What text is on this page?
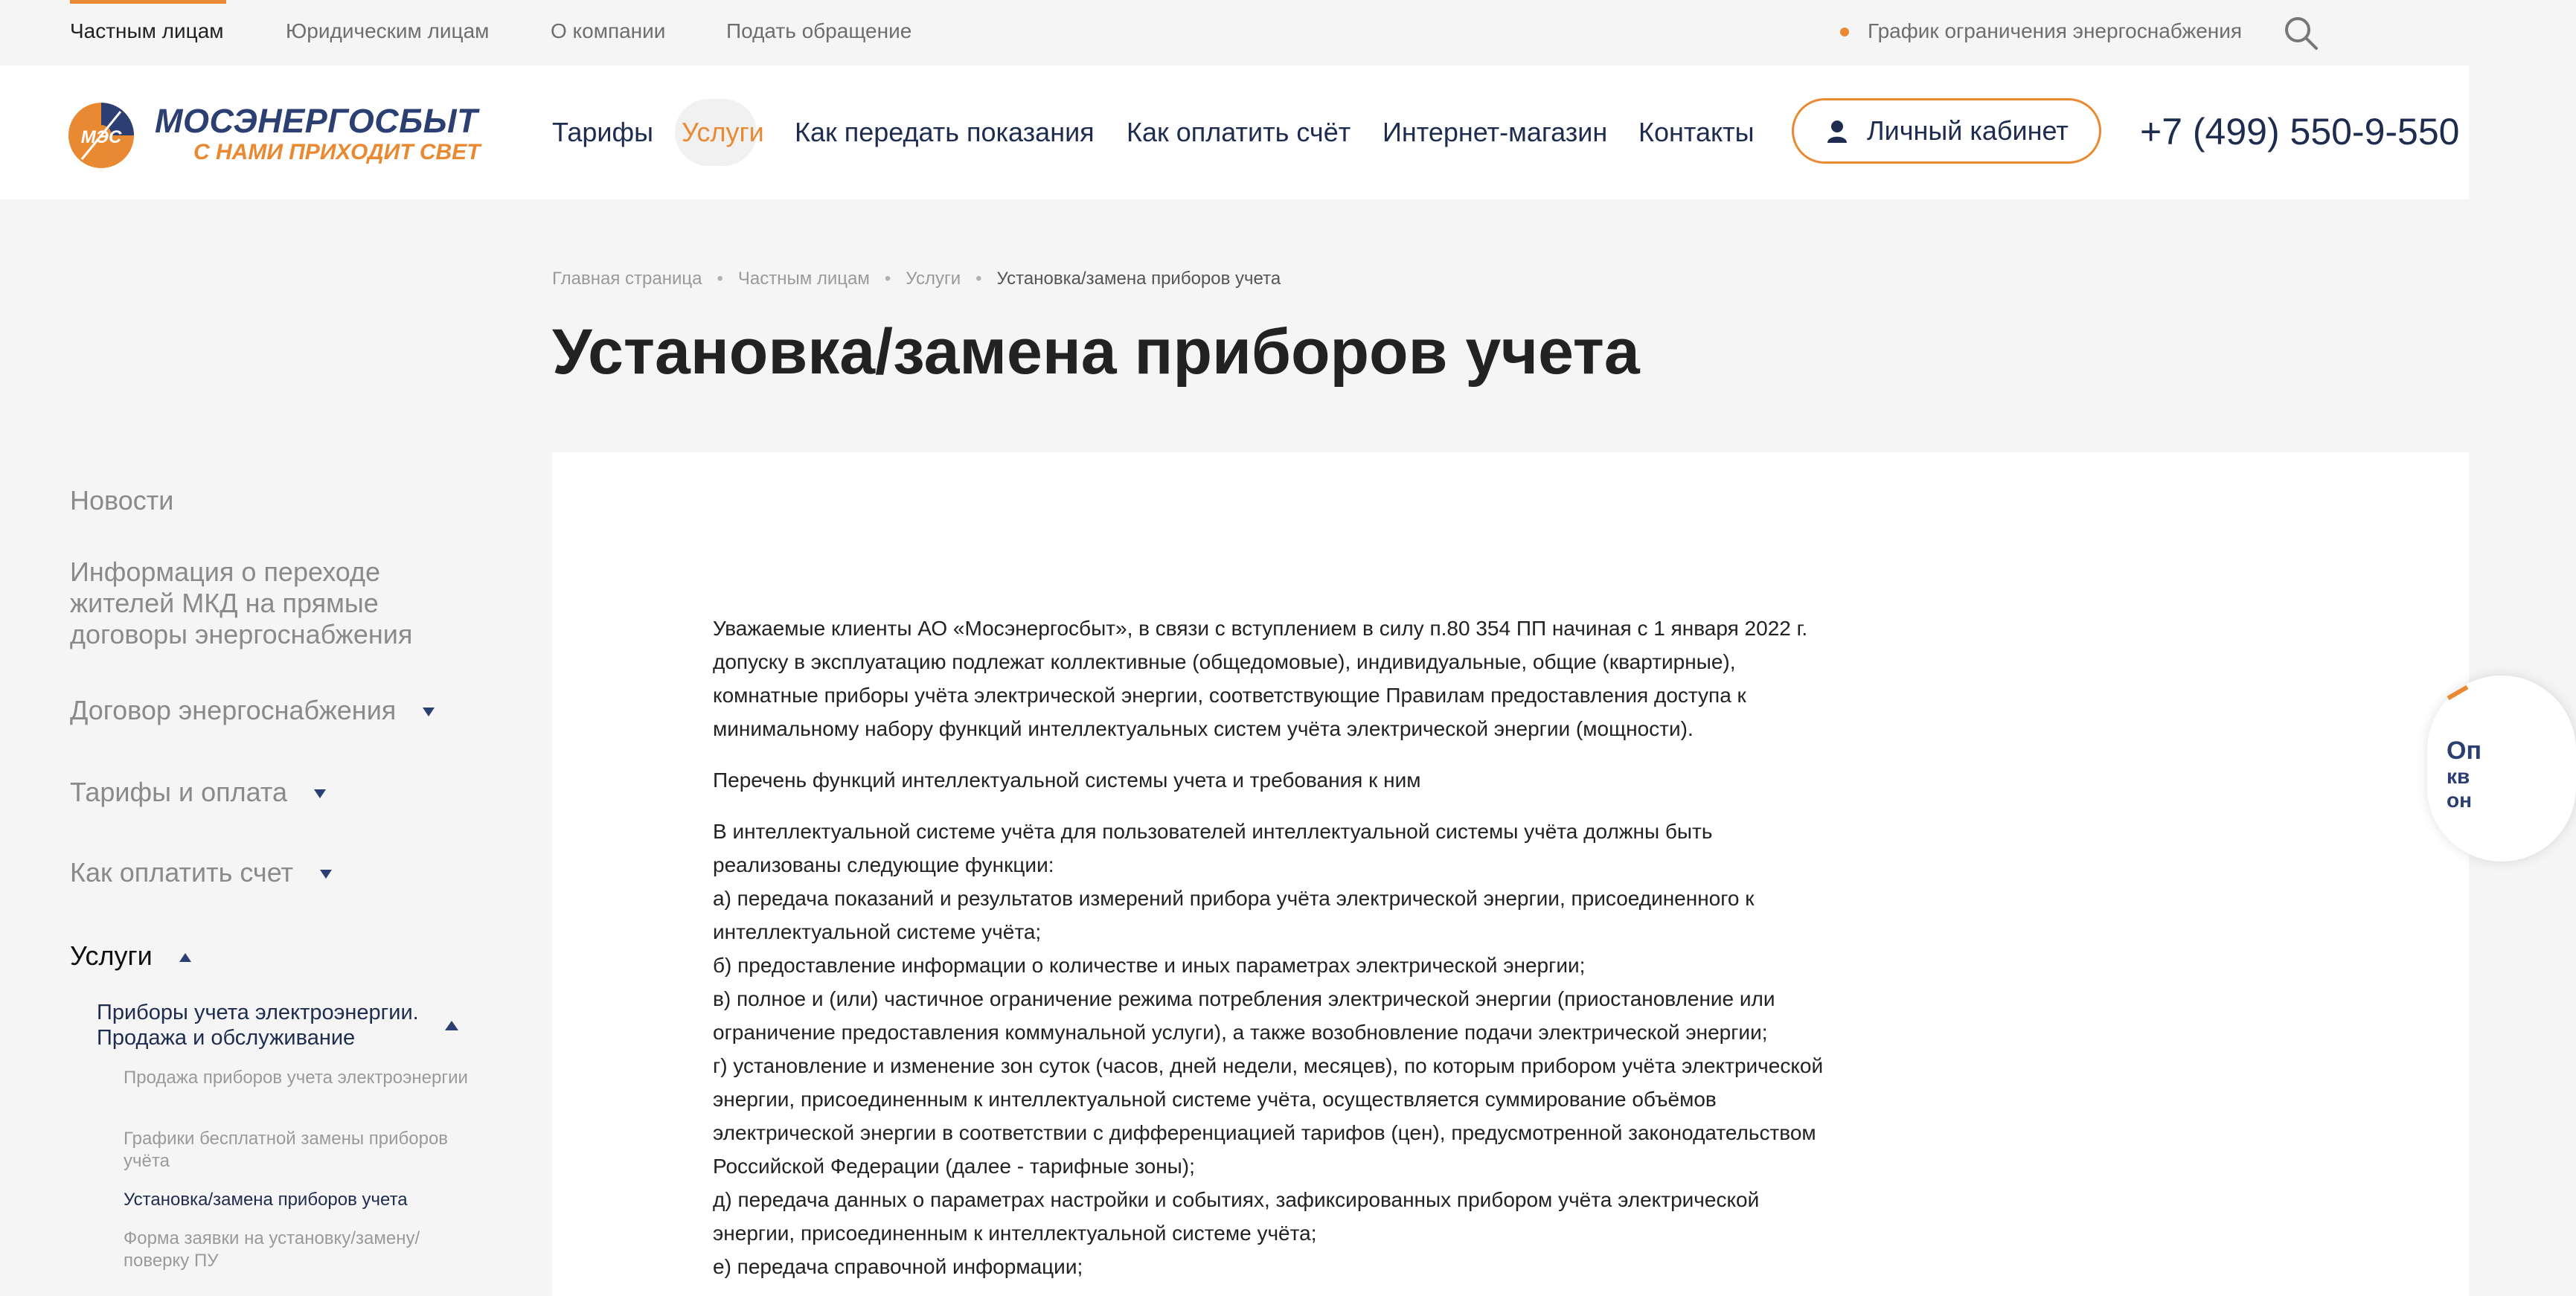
Частным лицам	Юридическим лицам	О компании	Подать обращение	График ограничения энергоснабжения
МЭС МОСЭНЕРГОСБЫТ
С НАМИ ПРИХОДИТ СВЕТ
Тарифы Услуги Как передать показания Как оплатить счёт Интернет-магазин Контакты	Личный кабинет +7 (499) 550-9-550
Главная страница • Частным лицам • Услуги • Установка/замена приборов учета
Установка/замена приборов учета
Новости
Информация о переходе жителей МКД на прямые договоры энергоснабжения
Договор энергоснабжения
Тарифы и оплата
Как оплатить счет
Услуги
Приборы учета электроэнергии. Продажа и обслуживание
Продажа приборов учета электроэнергии
Графики бесплатной замены приборов учёта
Установка/замена приборов учета
Форма заявки на установку/замену/поверку ПУ

Уважаемые клиенты АО «Мосэнергосбыт», в связи с вступлением в силу п.80 354 ПП начиная с 1 января 2022 г. допуску в эксплуатацию подлежат коллективные (общедомовые), индивидуальные, общие (квартирные), комнатные приборы учёта электрической энергии, соответствующие Правилам предоставления доступа к минимальному набору функций интеллектуальных систем учёта электрической энергии (мощности).

Перечень функций интеллектуальной системы учета и требования к ним

В интеллектуальной системе учёта для пользователей интеллектуальной системы учёта должны быть реализованы следующие функции:
а) передача показаний и результатов измерений прибора учёта электрической энергии, присоединенного к интеллектуальной системе учёта;
б) предоставление информации о количестве и иных параметрах электрической энергии;
в) полное и (или) частичное ограничение режима потребления электрической энергии (приостановление или ограничение предоставления коммунальной услуги), а также возобновление подачи электрической энергии;
г) установление и изменение зон суток (часов, дней недели, месяцев), по которым прибором учёта электрической энергии, присоединенным к интеллектуальной системе учёта, осуществляется суммирование объёмов электрической энергии в соответствии с дифференциацией тарифов (цен), предусмотренной законодательством Российской Федерации (далее - тарифные зоны);
д) передача данных о параметрах настройки и событиях, зафиксированных прибором учёта электрической энергии, присоединенным к интеллектуальной системе учёта;
е) передача справочной информации;
Оп
кв
он
